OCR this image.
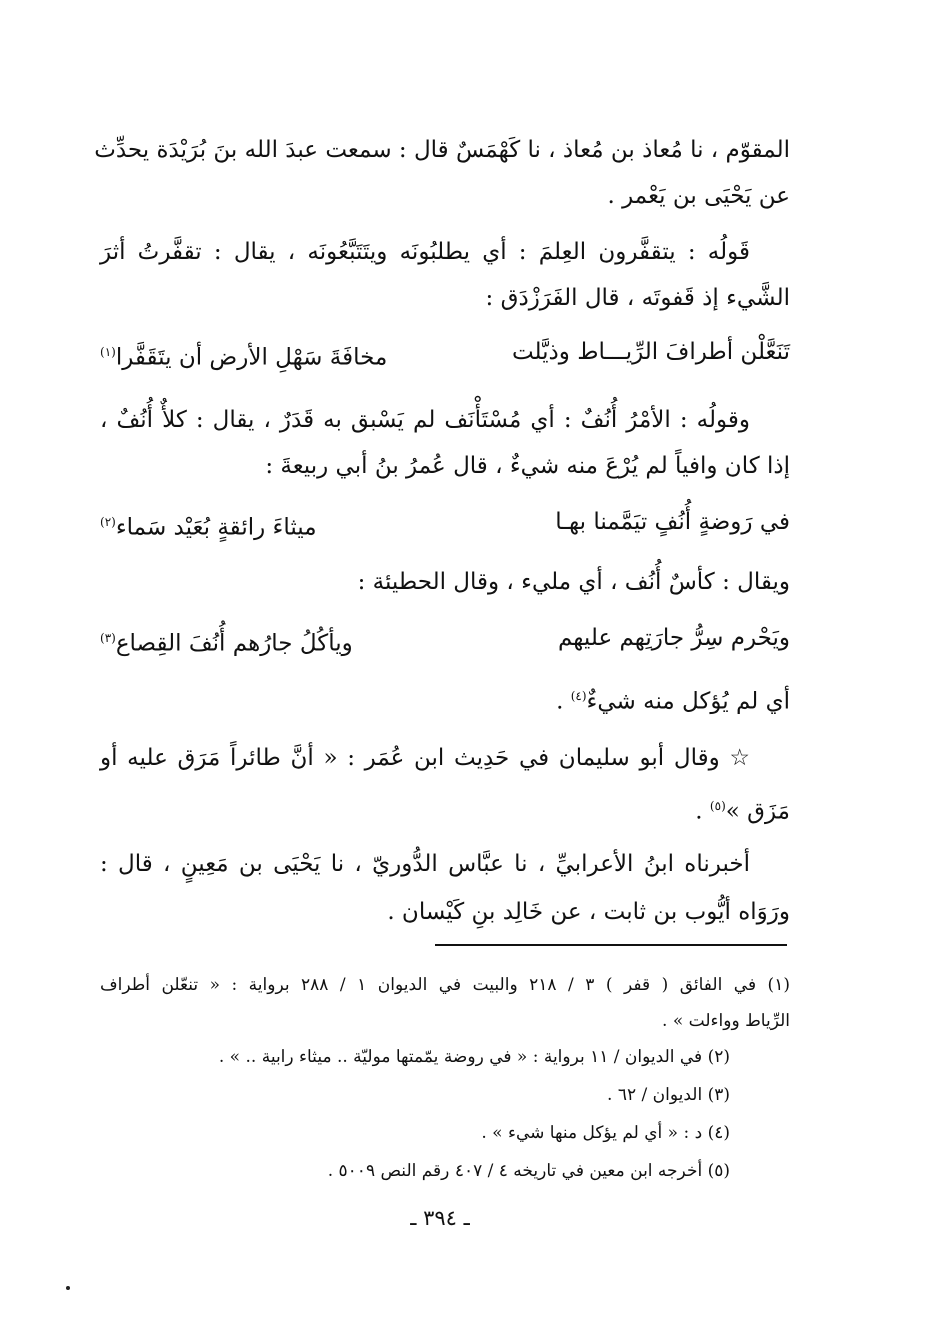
المقوّم ، نا مُعاذ بن مُعاذ ، نا كَهْمَسٌ قال : سمعت عبدَ الله بنَ بُرَيْدَة يحدِّث
عن يَحْيَى بن يَعْمر .
قَولُه : يتقفَّرون العِلمَ : أي يطلبُونَه ويتَتَبَّعُونَه ، يقال : تقفَّرتُ أثرَ
الشَّيء إذ قَفوتَه ، قال الفَرَزْدَق :
تَنَعَّلْن أطرافَ الرِّيـــاط وذيَّلت
مخافَةَ سَهْلِ الأرض أن يتَقَفَّرا$^{(١)}$
وقولُه : الأمْرُ أُنُفٌ : أي مُسْتَأْنَف لم يَسْبق به قَدَرٌ ، يقال : كلأٌ أُنُفٌ ،
إذا كان وافياً لم يُرْعَ منه شيءٌ ، قال عُمرُ بنُ أبي ربيعةَ :
في رَوضةٍ أُنُفٍ تيَمَّمنا بهـا
ميثاءَ رائقةٍ بُعَيْد سَماء$^{(٢)}$
ويقال : كأسٌ أُنُف ، أي مليء ، وقال الحطيئة :
ويَحْرم سِرُّ جارَتِهم عليهم
ويأكُلُ جارُهم أُنُفَ القِصاع$^{(٣)}$
أي لم يُؤكل منه شيءٌ$^{(٤)}$ .
☆ وقال أبو سليمان في حَدِيث ابن عُمَر : « أنَّ طائراً مَرَق عليه أو
مَزَق »$^{(٥)}$ .
أخبرناه ابنُ الأعرابيِّ ، نا عبَّاس الدُّوريّ ، نا يَحْيَى بن مَعِينٍ ، قال :
ورَوَاه أيُّوب بن ثابت ، عن خَالِد بنِ كَيْسان .
(١) في الفائق ( قفر ) ٣ / ٢١٨ والبيت في الديوان ١ / ٢٨٨ برواية : « تنعّلن أطراف
الرِّياط وواءلت » .
(٢) في الديوان / ١١ برواية : « في روضة يمّمتها موليّة .. ميثاء رابية .. » .
(٣) الديوان / ٦٢ .
(٤) د : « أي لم يؤكل منها شيء » .
(٥) أخرجه ابن معين في تاريخه ٤ / ٤٠٧ رقم النص ٥٠٠٩ .
ـ ٣٩٤ ـ
